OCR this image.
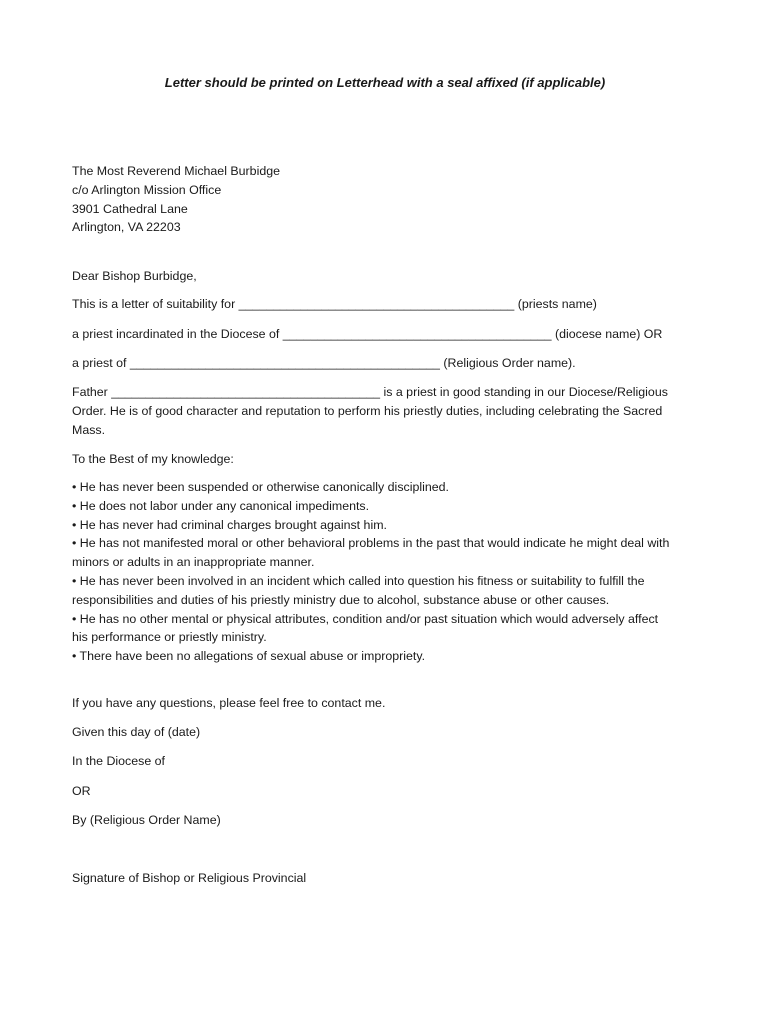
Letter should be printed on Letterhead with a seal affixed (if applicable)
The Most Reverend Michael Burbidge
c/o Arlington Mission Office
3901 Cathedral Lane
Arlington, VA 22203
Dear Bishop Burbidge,
This is a letter of suitability for ________________________________________ (priests name)
a priest incardinated in the Diocese of _______________________________________ (diocese name) OR
a priest of _____________________________________________ (Religious Order name).
Father _______________________________________ is a priest in good standing in our Diocese/Religious
Order. He is of good character and reputation to perform his priestly duties, including celebrating the Sacred
Mass.
To the Best of my knowledge:
• He has never been suspended or otherwise canonically disciplined.
• He does not labor under any canonical impediments.
• He has never had criminal charges brought against him.
• He has not manifested moral or other behavioral problems in the past that would indicate he might deal with
minors or adults in an inappropriate manner.
• He has never been involved in an incident which called into question his fitness or suitability to fulfill the
responsibilities and duties of his priestly ministry due to alcohol, substance abuse or other causes.
• He has no other mental or physical attributes, condition and/or past situation which would adversely affect
his performance or priestly ministry.
• There have been no allegations of sexual abuse or impropriety.
If you have any questions, please feel free to contact me.
Given this day of (date)
In the Diocese of
OR
By (Religious Order Name)
Signature of Bishop or Religious Provincial
